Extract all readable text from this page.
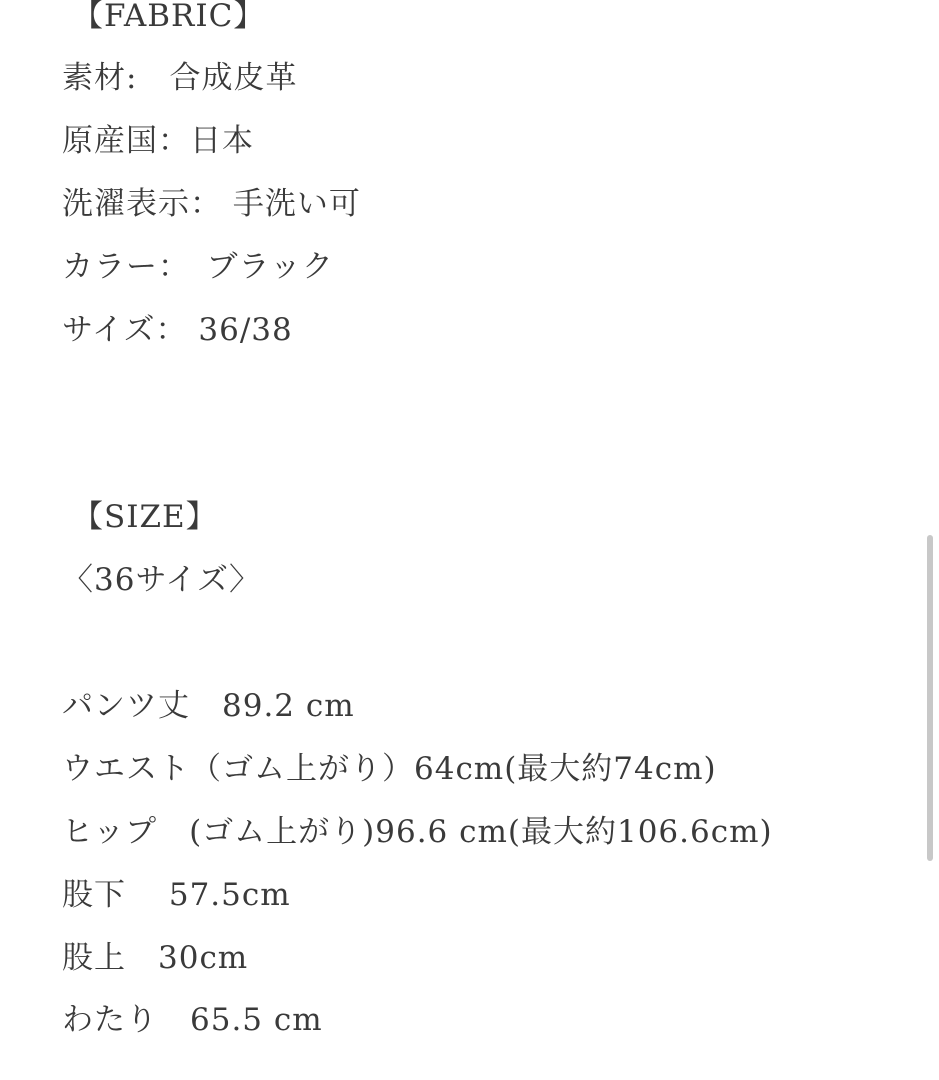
【FABRIC】
素材:　合成皮革
原産国：日本
洗濯表示： 手洗い可
カラー：　ブラック
サイズ： 36/38
【SIZE】
〈36サイズ〉
パンツ丈　89.2 cm
ウエスト（ゴム上がり）64cm(最大約74cm)
ヒップ　(ゴム上がり)96.6 cm(最大約106.6cm)
股下　 57.5cm
股上　30cm
わたり　65.5 cm
